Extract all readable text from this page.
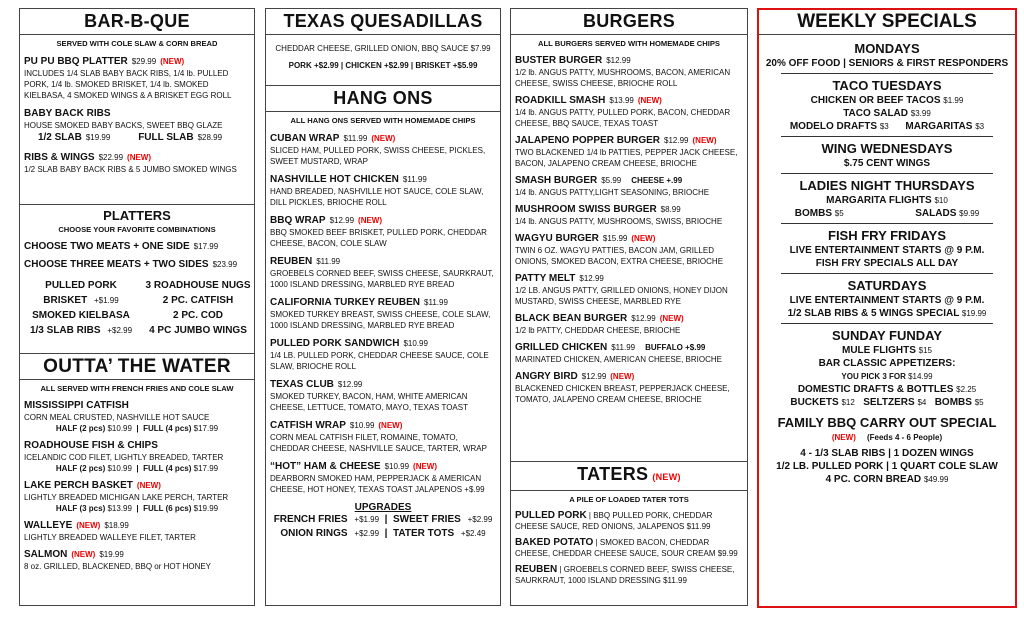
BAR-B-QUE
SERVED WITH COLE SLAW & CORN BREAD
PU PU BBQ PLATTER $29.99 (NEW)
INCLUDES 1/4 SLAB BABY BACK RIBS, 1/4 lb. PULLED PORK, 1/4 lb. SMOKED BRISKET, 1/4 lb. SMOKED KIELBASA, 4 SMOKED WINGS & A BRISKET EGG ROLL
BABY BACK RIBS
HOUSE SMOKED BABY BACKS, SWEET BBQ GLAZE
1/2 SLAB $19.99	FULL SLAB $28.99
RIBS & WINGS $22.99 (NEW)
1/2 SLAB BABY BACK RIBS & 5 JUMBO SMOKED WINGS
PLATTERS
CHOOSE YOUR FAVORITE COMBINATIONS
CHOOSE TWO MEATS + ONE SIDE $17.99
CHOOSE THREE MEATS + TWO SIDES $23.99
PULLED PORK	3 ROADHOUSE NUGS
BRISKET +$1.99	2 PC. CATFISH
SMOKED KIELBASA	2 PC. COD
1/3 SLAB RIBS +$2.99	4 PC JUMBO WINGS
OUTTA’ THE WATER
ALL SERVED WITH FRENCH FRIES AND COLE SLAW
MISSISSIPPI CATFISH
CORN MEAL CRUSTED, NASHVILLE HOT SAUCE
HALF (2 pcs) $10.99  |  FULL (4 pcs) $17.99
ROADHOUSE FISH & CHIPS
ICELANDIC COD FILET, LIGHTLY BREADED, TARTER
HALF (2 pcs) $10.99  |  FULL (4 pcs) $17.99
LAKE PERCH BASKET (NEW)
LIGHTLY BREADED MICHIGAN LAKE PERCH, TARTER
HALF (3 pcs) $13.99  |  FULL (6 pcs) $19.99
WALLEYE (NEW) $18.99
LIGHTLY BREADED WALLEYE FILET, TARTER
SALMON (NEW) $19.99
8 oz. GRILLED, BLACKENED, BBQ or HOT HONEY
TEXAS QUESADILLAS
CHEDDAR CHEESE, GRILLED ONION, BBQ SAUCE $7.99
PORK +$2.99 | CHICKEN +$2.99 | BRISKET +$5.99
HANG ONS
ALL HANG ONS SERVED WITH HOMEMADE CHIPS
CUBAN WRAP $11.99 (NEW)
SLICED HAM, PULLED PORK, SWISS CHEESE, PICKLES, SWEET MUSTARD, WRAP
NASHVILLE HOT CHICKEN $11.99
HAND BREADED, NASHVILLE HOT SAUCE, COLE SLAW, DILL PICKLES, BRIOCHE ROLL
BBQ WRAP $12.99 (NEW)
BBQ SMOKED BEEF BRISKET, PULLED PORK, CHEDDAR CHEESE, BACON, COLE SLAW
REUBEN $11.99
GROEBELS CORNED BEEF, SWISS CHEESE, SAURKRAUT, 1000 ISLAND DRESSING, MARBLED RYE BREAD
CALIFORNIA TURKEY REUBEN $11.99
SMOKED TURKEY BREAST, SWISS CHEESE, COLE SLAW, 1000 ISLAND DRESSING, MARBLED RYE BREAD
PULLED PORK SANDWICH $10.99
1/4 LB. PULLED PORK, CHEDDAR CHEESE SAUCE, COLE SLAW, BRIOCHE ROLL
TEXAS CLUB $12.99
SMOKED TURKEY, BACON, HAM, WHITE AMERICAN CHEESE, LETTUCE, TOMATO, MAYO, TEXAS TOAST
CATFISH WRAP $10.99 (NEW)
CORN MEAL CATFISH FILET, ROMAINE, TOMATO, CHEDDAR CHEESE, NASHVILLE SAUCE, TARTER, WRAP
“HOT” HAM & CHEESE $10.99 (NEW)
DEARBORN SMOKED HAM, PEPPERJACK & AMERICAN CHEESE, HOT HONEY, TEXAS TOAST JALAPENOS +$.99
UPGRADES
FRENCH FRIES +$1.99  |  SWEET FRIES +$2.99
ONION RINGS +$2.99  |  TATER TOTS +$2.49
BURGERS
ALL BURGERS SERVED WITH HOMEMADE CHIPS
BUSTER BURGER $12.99
1/2 lb. ANGUS PATTY, MUSHROOMS, BACON, AMERICAN CHEESE, SWISS CHEESE, BRIOCHE ROLL
ROADKILL SMASH $13.99 (NEW)
1/4 lb. ANGUS PATTY, PULLED PORK, BACON, CHEDDAR CHEESE, BBQ SAUCE, TEXAS TOAST
JALAPENO POPPER BURGER $12.99 (NEW)
TWO BLACKENED 1/4 lb PATTIES, PEPPER JACK CHEESE, BACON, JALAPENO CREAM CHEESE, BRIOCHE
SMASH BURGER $5.99 CHEESE +.99
1/4 lb. ANGUS PATTY,LIGHT SEASONING, BRIOCHE
MUSHROOM SWISS BURGER $8.99
1/4 lb. ANGUS PATTY, MUSHROOMS, SWISS, BRIOCHE
WAGYU BURGER $15.99 (NEW)
TWIN 6 OZ. WAGYU PATTIES, BACON JAM, GRILLED ONIONS, SMOKED BACON, EXTRA CHEESE, BRIOCHE
PATTY MELT $12.99
1/2 LB. ANGUS PATTY, GRILLED ONIONS, HONEY DIJON MUSTARD, SWISS CHEESE, MARBLED RYE
BLACK BEAN BURGER $12.99 (NEW)
1/2 lb PATTY, CHEDDAR CHEESE, BRIOCHE
GRILLED CHICKEN $11.99 BUFFALO +$.99
MARINATED CHICKEN, AMERICAN CHEESE, BRIOCHE
ANGRY BIRD $12.99 (NEW)
BLACKENED CHICKEN BREAST, PEPPERJACK CHEESE, TOMATO, JALAPENO CREAM CHEESE, BRIOCHE
TATERS (NEW)
A PILE OF LOADED TATER TOTS
PULLED PORK | BBQ PULLED PORK, CHEDDAR CHEESE SAUCE, RED ONIONS, JALAPENOS $11.99
BAKED POTATO | SMOKED BACON, CHEDDAR CHEESE, CHEDDAR CHEESE SAUCE, SOUR CREAM $9.99
REUBEN | GROEBELS CORNED BEEF, SWISS CHEESE, SAURKRAUT, 1000 ISLAND DRESSING $11.99
WEEKLY SPECIALS
MONDAYS
20% OFF FOOD | SENIORS & FIRST RESPONDERS
TACO TUESDAYS
CHICKEN OR BEEF TACOS $1.99
TACO SALAD $3.99
MODELO DRAFTS $3 MARGARITAS $3
WING WEDNESDAYS
$.75 CENT WINGS
LADIES NIGHT THURSDAYS
MARGARITA FLIGHTS $10
BOMBS $5	SALADS $9.99
FISH FRY FRIDAYS
LIVE ENTERTAINMENT STARTS @ 9 P.M.
FISH FRY SPECIALS ALL DAY
SATURDAYS
LIVE ENTERTAINMENT STARTS @ 9 P.M.
1/2 SLAB RIBS & 5 WINGS SPECIAL $19.99
SUNDAY FUNDAY
MULE FLIGHTS $15
BAR CLASSIC APPETIZERS:
YOU PICK 3 FOR $14.99
DOMESTIC DRAFTS & BOTTLES $2.25
BUCKETS $12 SELTZERS $4 BOMBS $5
FAMILY BBQ CARRY OUT SPECIAL
(NEW) (Feeds 4 - 6 People)
4 - 1/3 SLAB RIBS | 1 DOZEN WINGS
1/2 LB. PULLED PORK | 1 QUART COLE SLAW
4 PC. CORN BREAD $49.99
